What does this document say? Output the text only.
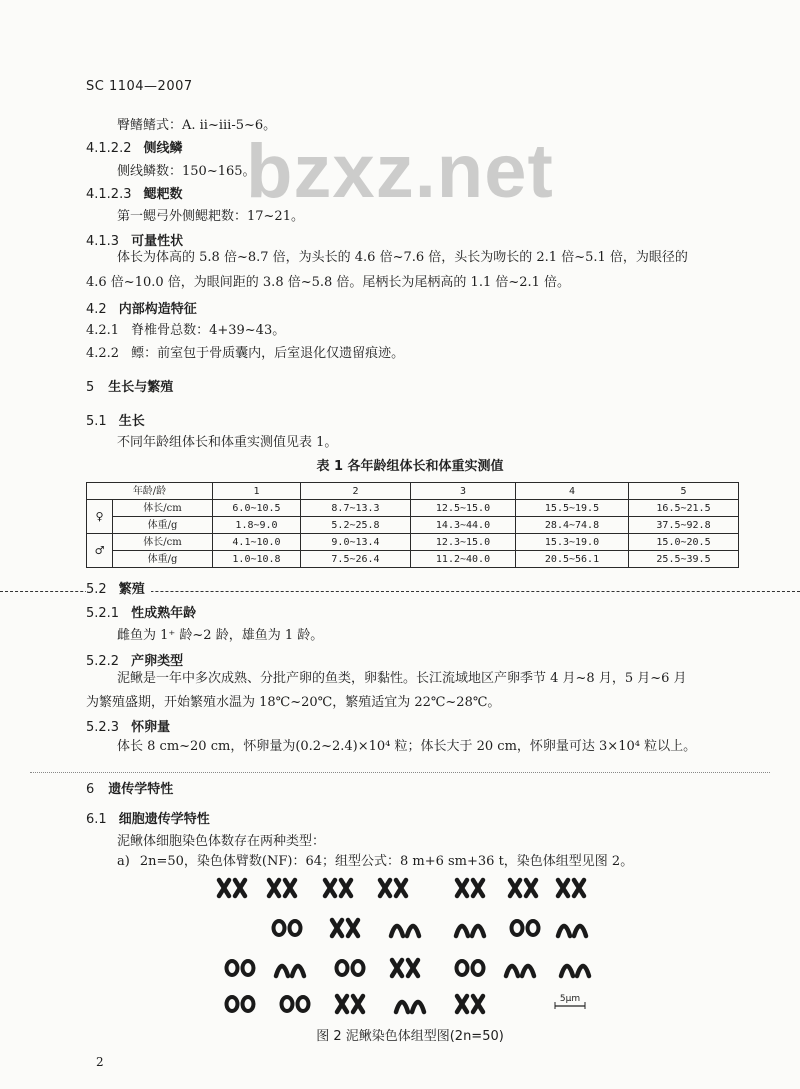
SC 1104—2007
bzxz.net
臀鳍鳍式：A. ii~iii-5~6。
4.1.2.2 侧线鳞
侧线鳞数：150~165。
4.1.2.3 鳃耙数
第一鳃弓外侧鳃耙数：17~21。
4.1.3 可量性状
体长为体高的 5.8 倍~8.7 倍，为头长的 4.6 倍~7.6 倍，头长为吻长的 2.1 倍~5.1 倍，为眼径的
4.6 倍~10.0 倍，为眼间距的 3.8 倍~5.8 倍。尾柄长为尾柄高的 1.1 倍~2.1 倍。
4.2 内部构造特征
4.2.1 脊椎骨总数：4+39~43。
4.2.2 鳔：前室包于骨质囊内，后室退化仅遗留痕迹。
5 生长与繁殖
5.1 生长
不同年龄组体长和体重实测值见表 1。
表 1 各年龄组体长和体重实测值
年龄/龄		1	2	3	4	5
♀	体长/cm	6.0~10.5	8.7~13.3	12.5~15.0	15.5~19.5	16.5~21.5
	体重/g	1.8~9.0	5.2~25.8	14.3~44.0	28.4~74.8	37.5~92.8
♂	体长/cm	4.1~10.0	9.0~13.4	12.3~15.0	15.3~19.0	15.0~20.5
	体重/g	1.0~10.8	7.5~26.4	11.2~40.0	20.5~56.1	25.5~39.5
5.2 繁殖
5.2.1 性成熟年龄
雌鱼为 1⁺ 龄~2 龄，雄鱼为 1 龄。
5.2.2 产卵类型
泥鳅是一年中多次成熟、分批产卵的鱼类，卵黏性。长江流域地区产卵季节 4 月~8 月，5 月~6 月
为繁殖盛期，开始繁殖水温为 18℃~20℃，繁殖适宜为 22℃~28℃。
5.2.3 怀卵量
体长 8 cm~20 cm，怀卵量为(0.2~2.4)×10⁴ 粒；体长大于 20 cm，怀卵量可达 3×10⁴ 粒以上。
6 遗传学特性
6.1 细胞遗传学特性
泥鳅体细胞染色体数存在两种类型：
a) 2n=50，染色体臂数(NF)：64；组型公式：8 m+6 sm+36 t，染色体组型见图 2。
5μm
图 2 泥鳅染色体组型图(2n=50)
2
